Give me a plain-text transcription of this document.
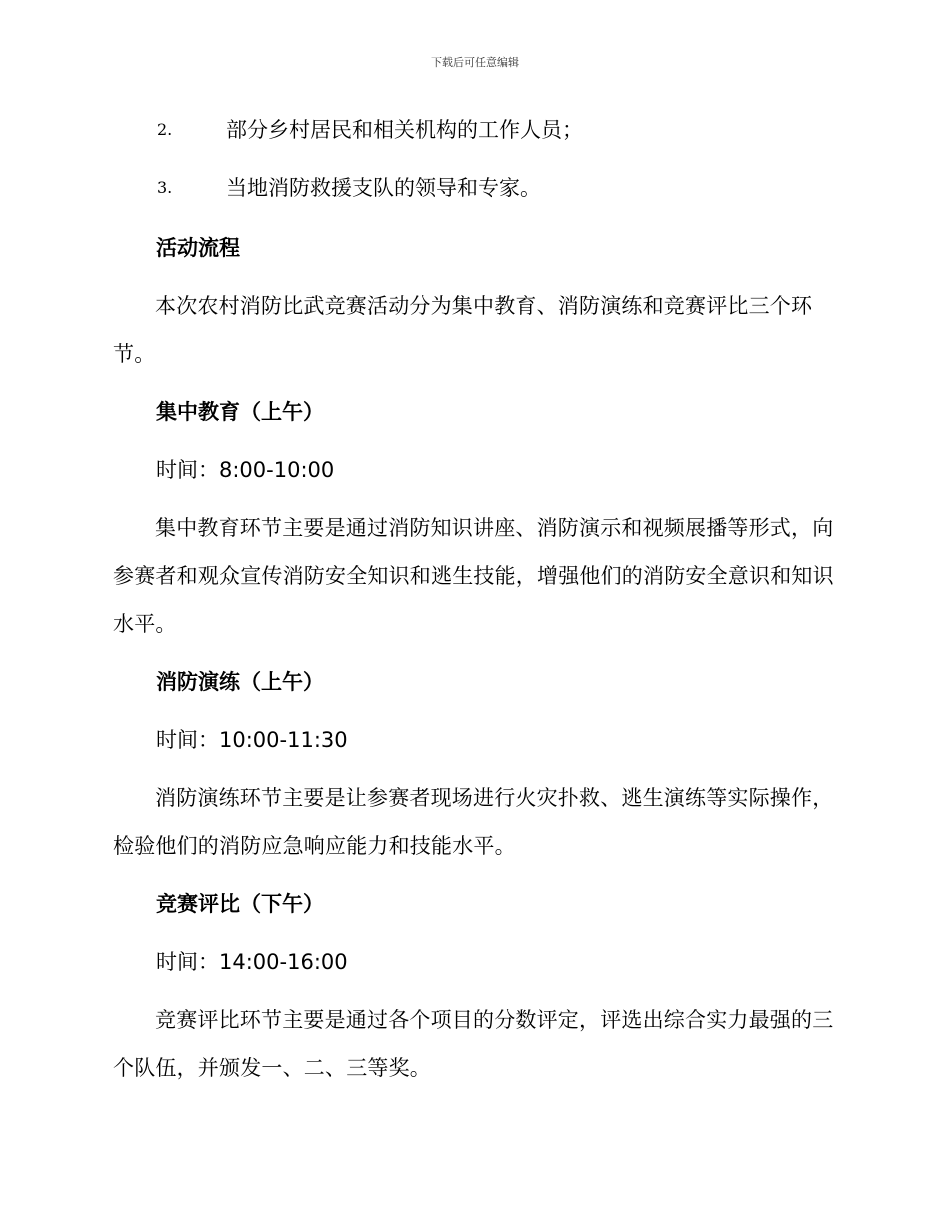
下载后可任意编辑
2.	部分乡村居民和相关机构的工作人员；
3.	当地消防救援支队的领导和专家。

活动流程

本次农村消防比武竞赛活动分为集中教育、消防演练和竞赛评比三个环节。

集中教育（上午）

时间：8:00-10:00

集中教育环节主要是通过消防知识讲座、消防演示和视频展播等形式，向参赛者和观众宣传消防安全知识和逃生技能，增强他们的消防安全意识和知识水平。

消防演练（上午）

时间：10:00-11:30

消防演练环节主要是让参赛者现场进行火灾扑救、逃生演练等实际操作，检验他们的消防应急响应能力和技能水平。

竞赛评比（下午）

时间：14:00-16:00

竞赛评比环节主要是通过各个项目的分数评定，评选出综合实力最强的三个队伍，并颁发一、二、三等奖。
